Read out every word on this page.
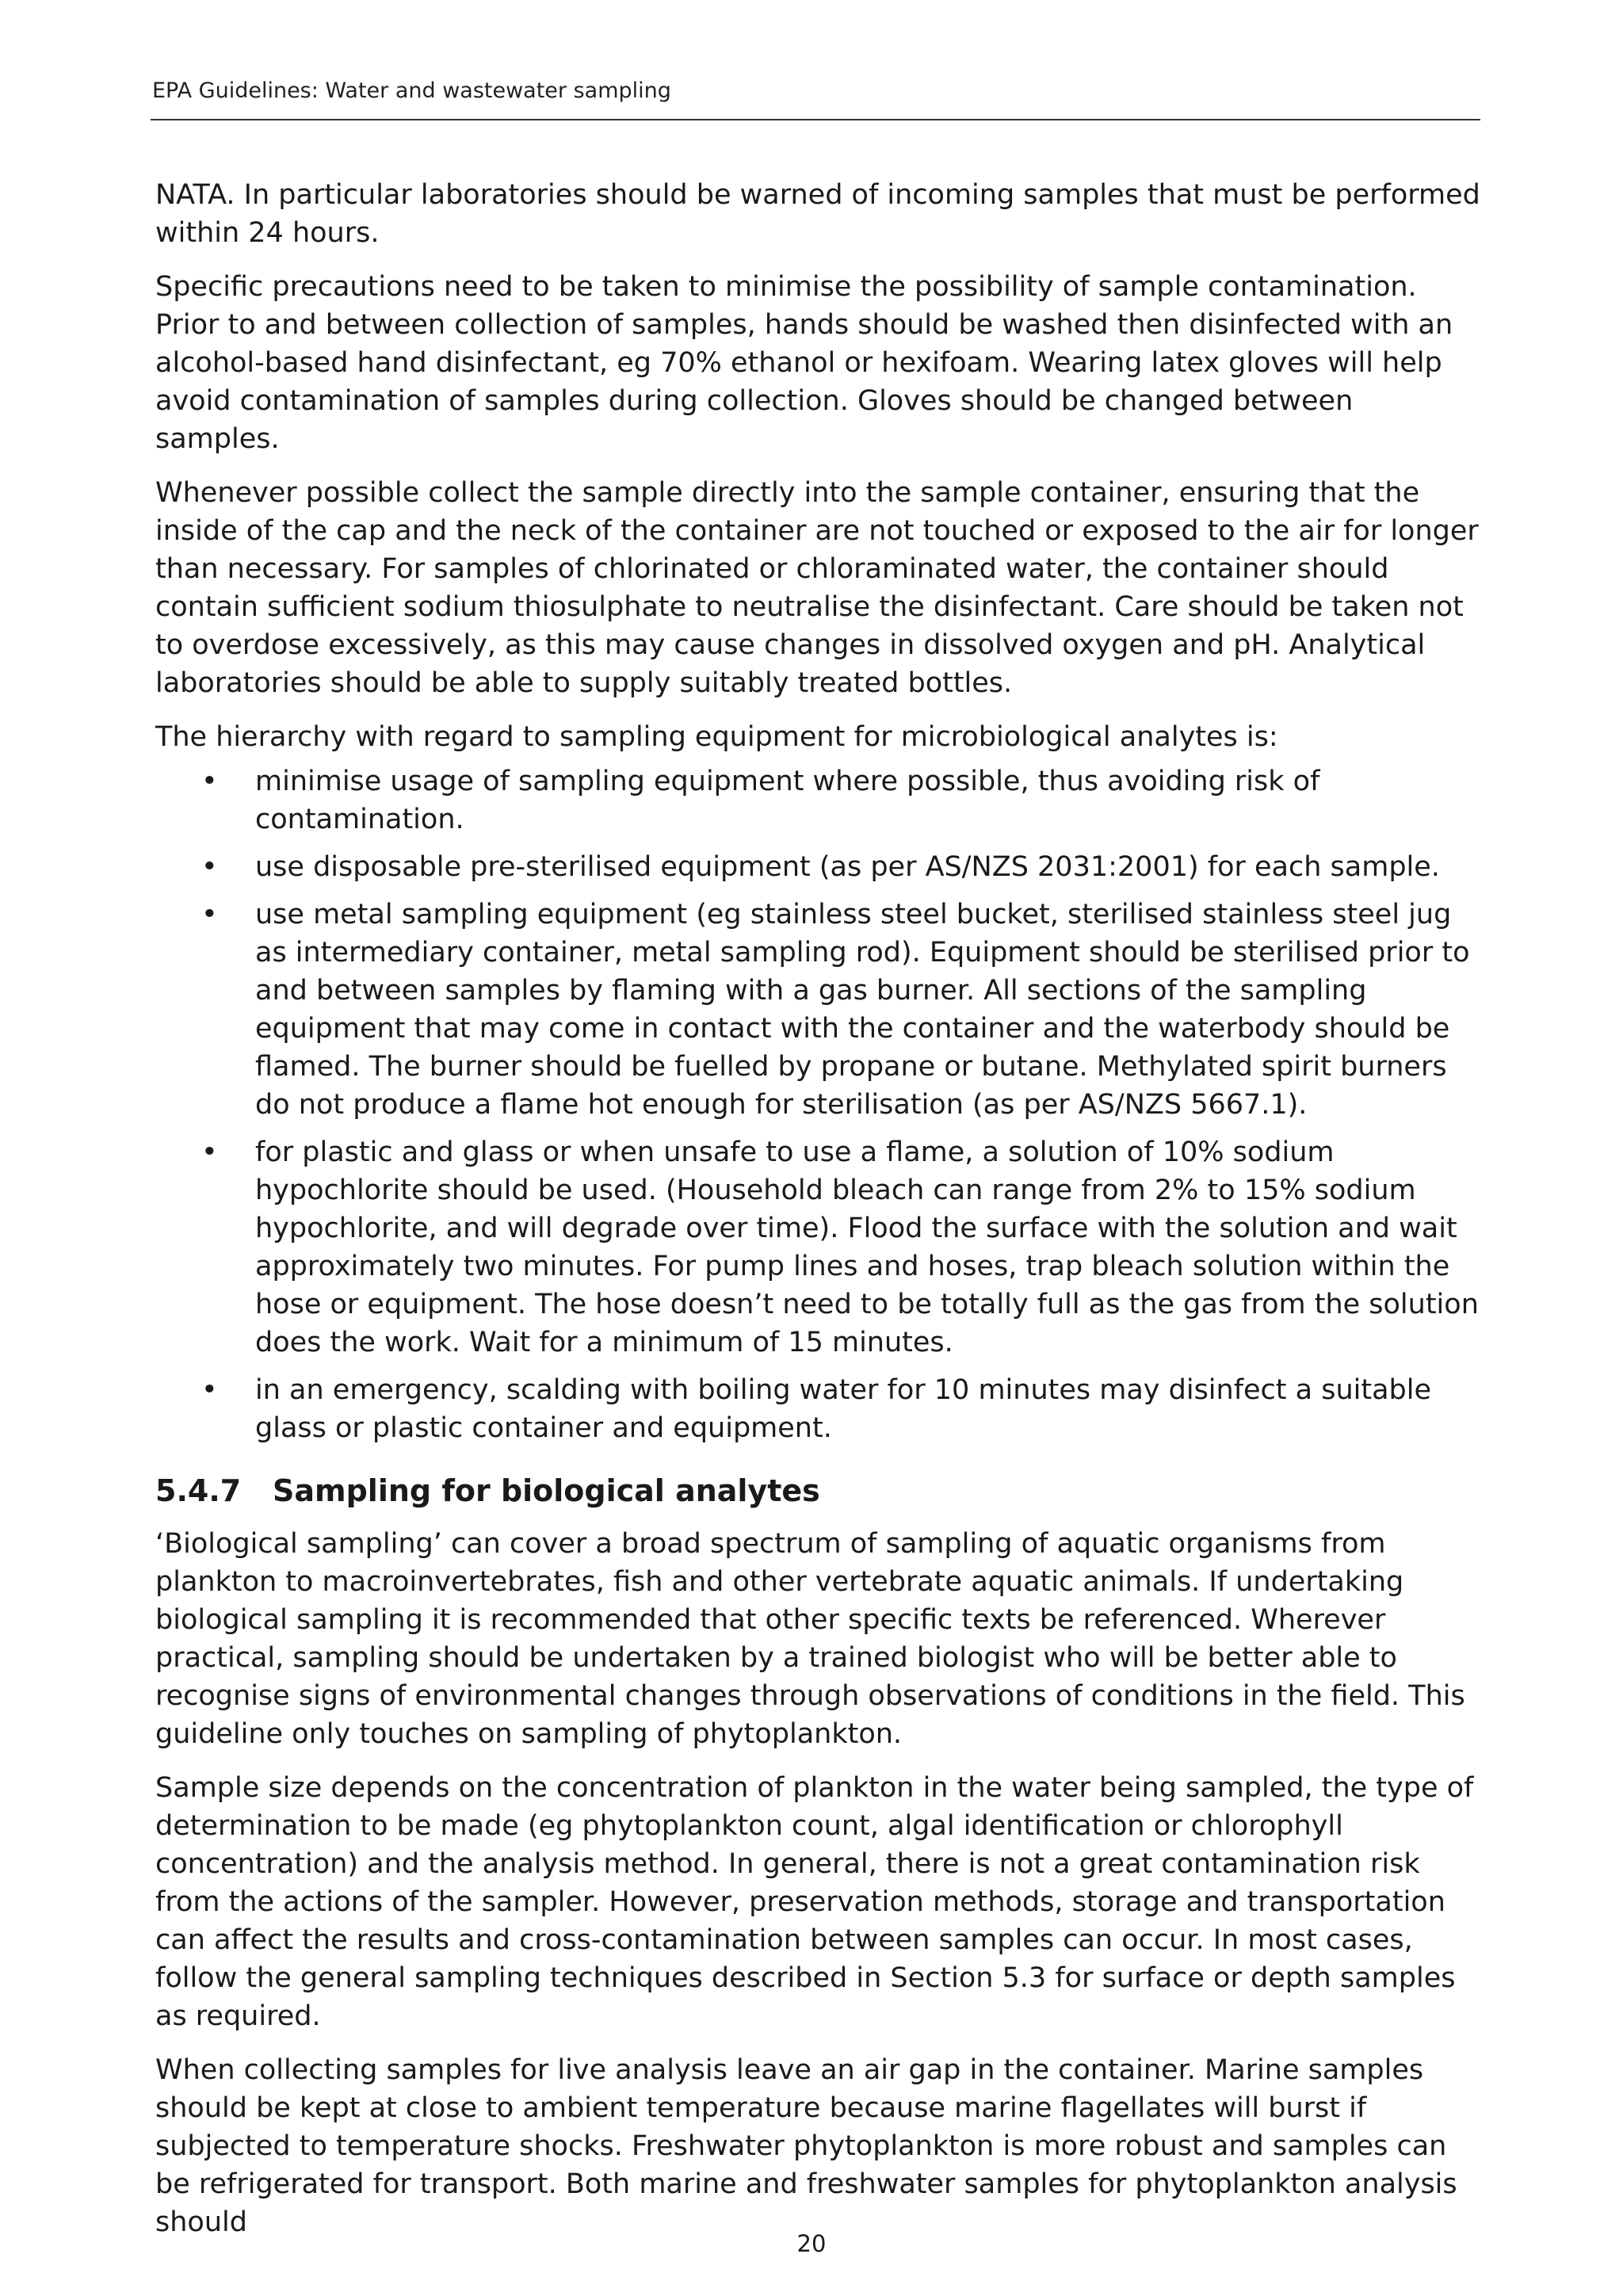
EPA Guidelines: Water and wastewater sampling

NATA. In particular laboratories should be warned of incoming samples that must be performed within 24 hours.

Specific precautions need to be taken to minimise the possibility of sample contamination. Prior to and between collection of samples, hands should be washed then disinfected with an alcohol-based hand disinfectant, eg 70% ethanol or hexifoam. Wearing latex gloves will help avoid contamination of samples during collection. Gloves should be changed between samples.

Whenever possible collect the sample directly into the sample container, ensuring that the inside of the cap and the neck of the container are not touched or exposed to the air for longer than necessary. For samples of chlorinated or chloraminated water, the container should contain sufficient sodium thiosulphate to neutralise the disinfectant. Care should be taken not to overdose excessively, as this may cause changes in dissolved oxygen and pH. Analytical laboratories should be able to supply suitably treated bottles.

The hierarchy with regard to sampling equipment for microbiological analytes is:

• minimise usage of sampling equipment where possible, thus avoiding risk of contamination.
• use disposable pre-sterilised equipment (as per AS/NZS 2031:2001) for each sample.
• use metal sampling equipment (eg stainless steel bucket, sterilised stainless steel jug as intermediary container, metal sampling rod). Equipment should be sterilised prior to and between samples by flaming with a gas burner. All sections of the sampling equipment that may come in contact with the container and the waterbody should be flamed. The burner should be fuelled by propane or butane. Methylated spirit burners do not produce a flame hot enough for sterilisation (as per AS/NZS 5667.1).
• for plastic and glass or when unsafe to use a flame, a solution of 10% sodium hypochlorite should be used. (Household bleach can range from 2% to 15% sodium hypochlorite, and will degrade over time). Flood the surface with the solution and wait approximately two minutes. For pump lines and hoses, trap bleach solution within the hose or equipment. The hose doesn’t need to be totally full as the gas from the solution does the work. Wait for a minimum of 15 minutes.
• in an emergency, scalding with boiling water for 10 minutes may disinfect a suitable glass or plastic container and equipment.
5.4.7 Sampling for biological analytes

‘Biological sampling’ can cover a broad spectrum of sampling of aquatic organisms from plankton to macroinvertebrates, fish and other vertebrate aquatic animals. If undertaking biological sampling it is recommended that other specific texts be referenced. Wherever practical, sampling should be undertaken by a trained biologist who will be better able to recognise signs of environmental changes through observations of conditions in the field. This guideline only touches on sampling of phytoplankton.

Sample size depends on the concentration of plankton in the water being sampled, the type of determination to be made (eg phytoplankton count, algal identification or chlorophyll concentration) and the analysis method. In general, there is not a great contamination risk from the actions of the sampler. However, preservation methods, storage and transportation can affect the results and cross-contamination between samples can occur. In most cases, follow the general sampling techniques described in Section 5.3 for surface or depth samples as required.

When collecting samples for live analysis leave an air gap in the container. Marine samples should be kept at close to ambient temperature because marine flagellates will burst if subjected to temperature shocks. Freshwater phytoplankton is more robust and samples can be refrigerated for transport. Both marine and freshwater samples for phytoplankton analysis should

20
